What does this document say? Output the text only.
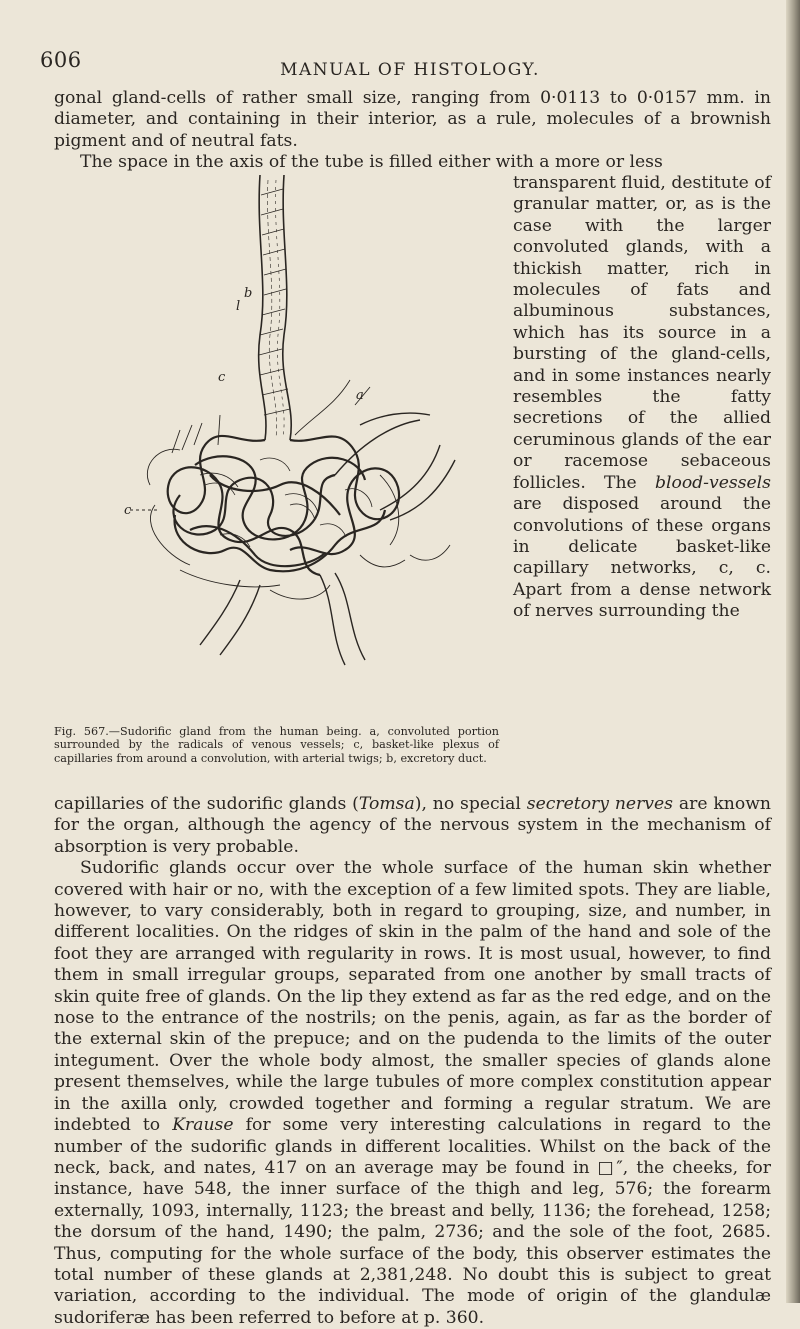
606	MANUAL OF HISTOLOGY.

gonal gland-cells of rather small size, ranging from 0·0113 to 0·0157 mm. in diameter, and containing in their interior, as a rule, molecules of a brownish pigment and of neutral fats.

The space in the axis of the tube is filled either with a more or less

transparent fluid, destitute of granular matter, or, as is the case with the larger convoluted glands, with a thickish matter, rich in molecules of fats and albuminous substances, which has its source in a bursting of the gland-cells, and in some instances nearly resembles the fatty secretions of the allied ceruminous glands of the ear or racemose sebaceous follicles. The blood-vessels are disposed around the convolutions of these organs in delicate basket-like capillary networks, c, c. Apart from a dense network of nerves surrounding the
b
l
c
a
c

Fig. 567.—Sudorific gland from the human being. a, convoluted portion surrounded by the radicals of venous vessels; c, basket-like plexus of capillaries from around a convolution, with arterial twigs; b, excretory duct.

capillaries of the sudorific glands (Tomsa), no special secretory nerves are known for the organ, although the agency of the nervous system in the mechanism of absorption is very probable.

Sudorific glands occur over the whole surface of the human skin whether covered with hair or no, with the exception of a few limited spots. They are liable, however, to vary considerably, both in regard to grouping, size, and number, in different localities. On the ridges of skin in the palm of the hand and sole of the foot they are arranged with regularity in rows. It is most usual, however, to find them in small irregular groups, separated from one another by small tracts of skin quite free of glands. On the lip they extend as far as the red edge, and on the nose to the entrance of the nostrils; on the penis, again, as far as the border of the external skin of the prepuce; and on the pudenda to the limits of the outer integument. Over the whole body almost, the smaller species of glands alone present themselves, while the large tubules of more complex constitution appear in the axilla only, crowded together and forming a regular stratum. We are indebted to Krause for some very interesting calculations in regard to the number of the sudorific glands in different localities. Whilst on the back of the neck, back, and nates, 417 on an average may be found in □″, the cheeks, for instance, have 548, the inner surface of the thigh and leg, 576; the forearm externally, 1093, internally, 1123; the breast and belly, 1136; the forehead, 1258; the dorsum of the hand, 1490; the palm, 2736; and the sole of the foot, 2685. Thus, computing for the whole surface of the body, this observer estimates the total number of these glands at 2,381,248. No doubt this is subject to great variation, according to the individual. The mode of origin of the glandulæ sudoriferæ has been referred to before at p. 360.
